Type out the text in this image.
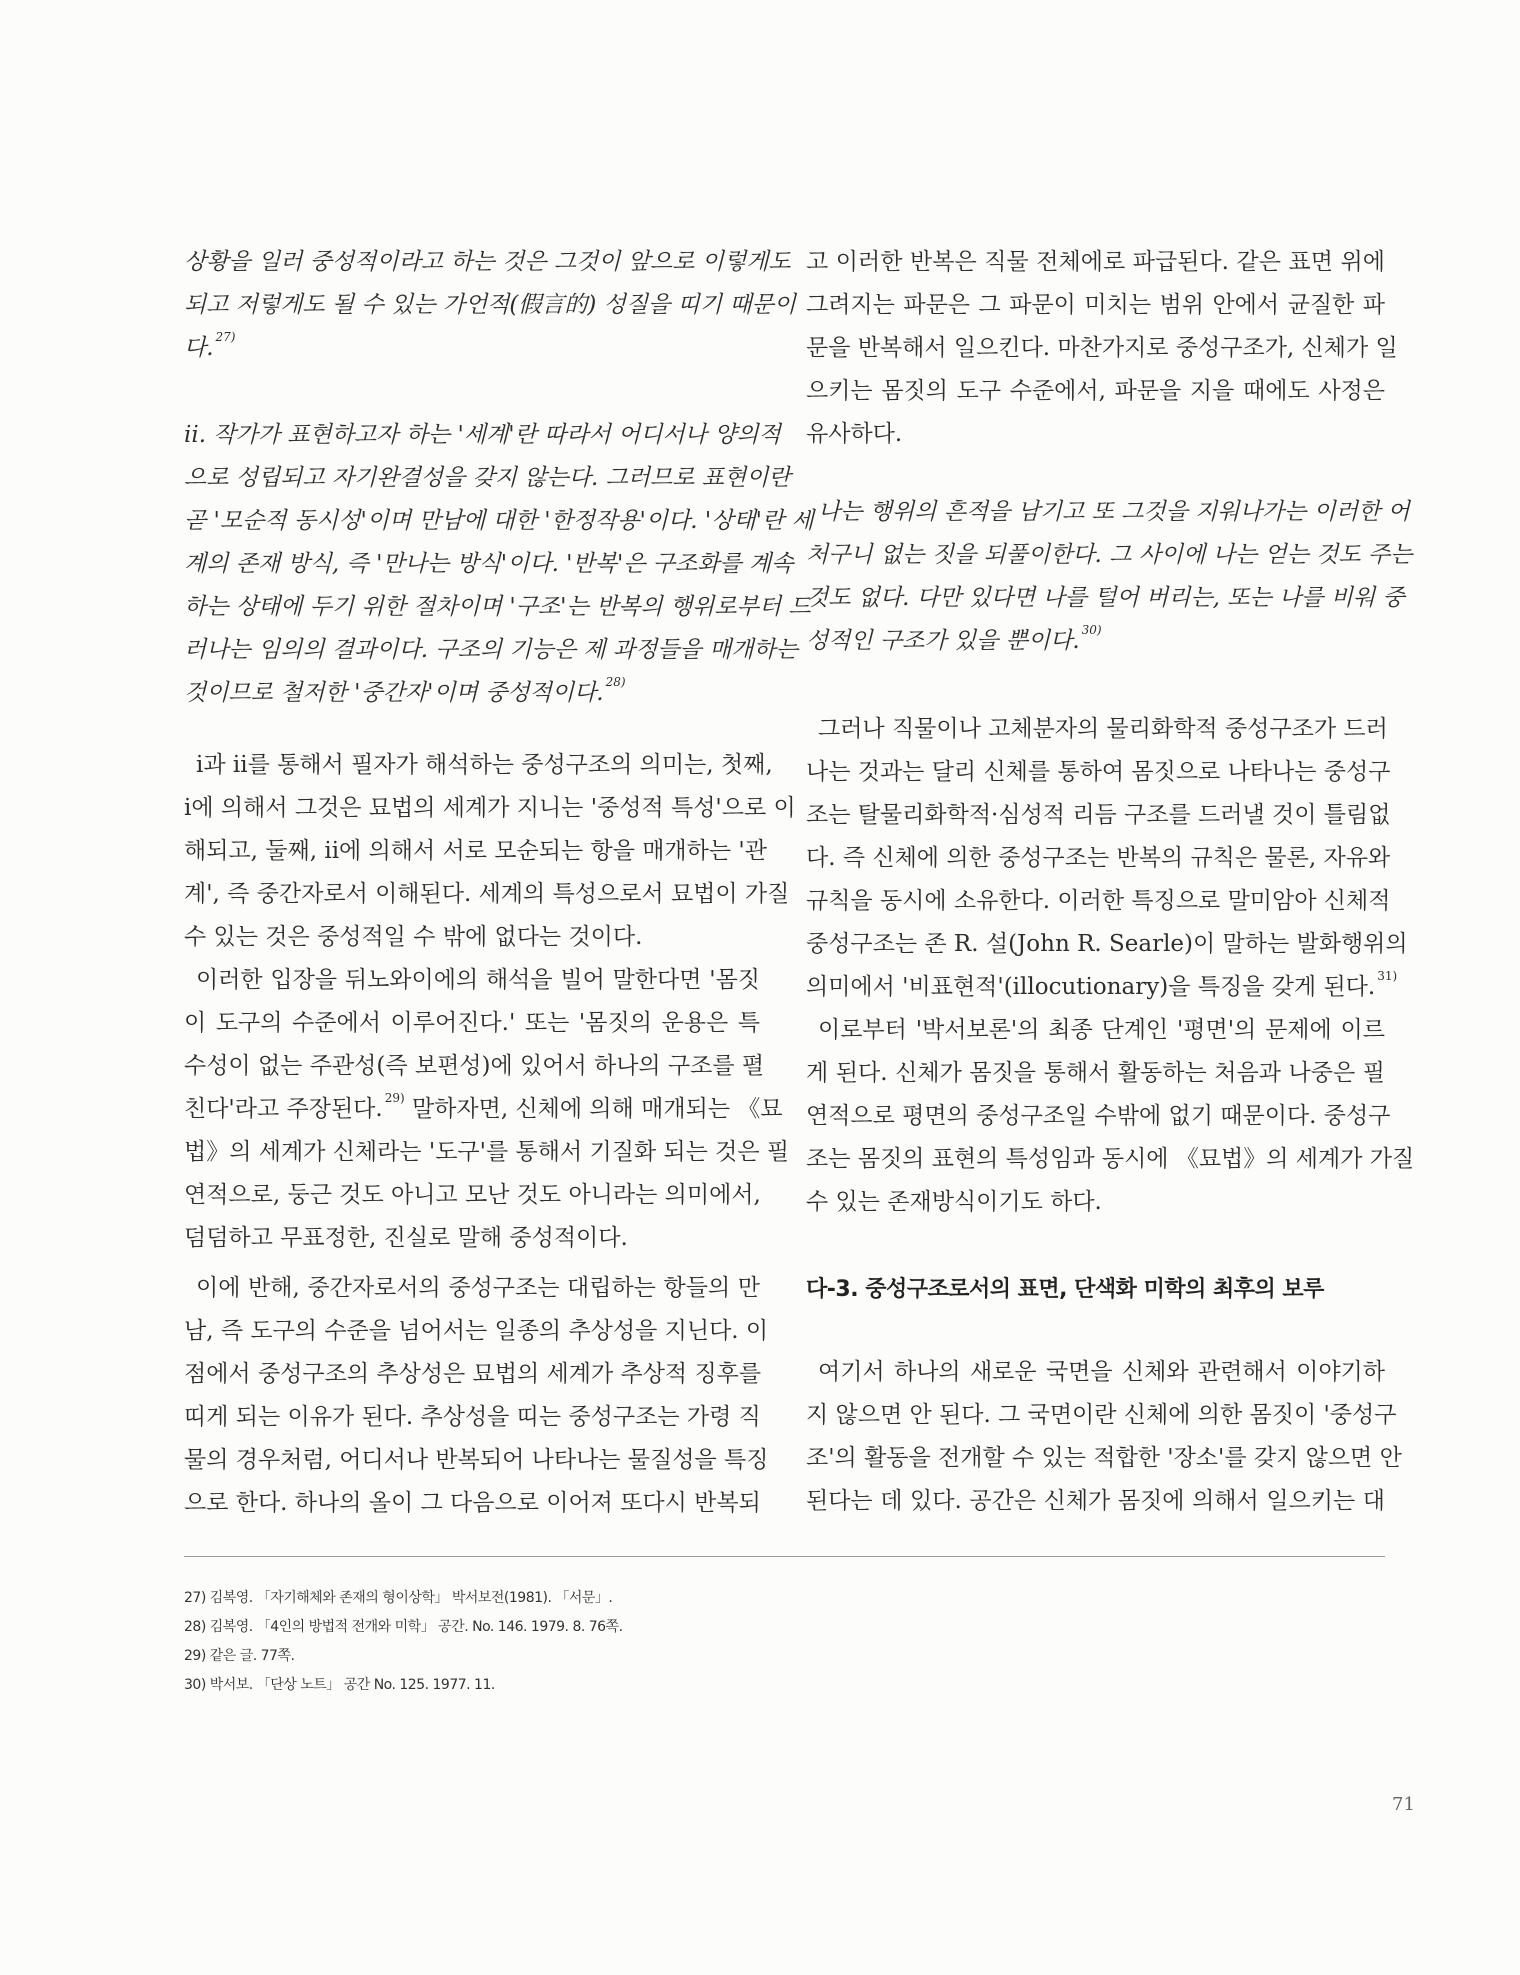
상황을 일러 중성적이라고 하는 것은 그것이 앞으로 이렇게도
되고 저렇게도 될 수 있는 가언적(假言的) 성질을 띠기 때문이
다. $^{27)}$
ii. 작가가 표현하고자 하는 '세계'란 따라서 어디서나 양의적
으로 성립되고 자기완결성을 갖지 않는다. 그러므로 표현이란
곧 '모순적 동시성'이며 만남에 대한 '한정작용'이다. '상태'란 세
계의 존재 방식, 즉 '만나는 방식'이다. '반복'은 구조화를 계속
하는 상태에 두기 위한 절차이며 '구조'는 반복의 행위로부터 드
러나는 임의의 결과이다. 구조의 기능은 제 과정들을 매개하는
것이므로 철저한 '중간자'이며 중성적이다. $^{28)}$
i과 ii를 통해서 필자가 해석하는 중성구조의 의미는, 첫째,
i에 의해서 그것은 묘법의 세계가 지니는 '중성적 특성'으로 이
해되고, 둘째, ii에 의해서 서로 모순되는 항을 매개하는 '관
계', 즉 중간자로서 이해된다. 세계의 특성으로서 묘법이 가질
수 있는 것은 중성적일 수 밖에 없다는 것이다.
이러한 입장을 뒤노와이에의 해석을 빌어 말한다면 '몸짓
이 도구의 수준에서 이루어진다.' 또는 '몸짓의 운용은 특
수성이 없는 주관성(즉 보편성)에 있어서 하나의 구조를 펼
친다'라고 주장된다. $^{29)}$ 말하자면, 신체에 의해 매개되는 《묘
법》의 세계가 신체라는 '도구'를 통해서 기질화 되는 것은 필
연적으로, 둥근 것도 아니고 모난 것도 아니라는 의미에서,
덤덤하고 무표정한, 진실로 말해 중성적이다.
이에 반해, 중간자로서의 중성구조는 대립하는 항들의 만
남, 즉 도구의 수준을 넘어서는 일종의 추상성을 지닌다. 이
점에서 중성구조의 추상성은 묘법의 세계가 추상적 징후를
띠게 되는 이유가 된다. 추상성을 띠는 중성구조는 가령 직
물의 경우처럼, 어디서나 반복되어 나타나는 물질성을 특징
으로 한다. 하나의 올이 그 다음으로 이어져 또다시 반복되
고 이러한 반복은 직물 전체에로 파급된다. 같은 표면 위에
그려지는 파문은 그 파문이 미치는 범위 안에서 균질한 파
문을 반복해서 일으킨다. 마찬가지로 중성구조가, 신체가 일
으키는 몸짓의 도구 수준에서, 파문을 지을 때에도 사정은
유사하다.
나는 행위의 흔적을 남기고 또 그것을 지워나가는 이러한 어
처구니 없는 짓을 되풀이한다. 그 사이에 나는 얻는 것도 주는
것도 없다. 다만 있다면 나를 털어 버리는, 또는 나를 비워 중
성적인 구조가 있을 뿐이다. $^{30)}$
그러나 직물이나 고체분자의 물리화학적 중성구조가 드러
나는 것과는 달리 신체를 통하여 몸짓으로 나타나는 중성구
조는 탈물리화학적·심성적 리듬 구조를 드러낼 것이 틀림없
다. 즉 신체에 의한 중성구조는 반복의 규칙은 물론, 자유와
규칙을 동시에 소유한다. 이러한 특징으로 말미암아 신체적
중성구조는 존 R. 설(John R. Searle)이 말하는 발화행위의
의미에서 '비표현적'(illocutionary)을 특징을 갖게 된다. $^{31)}$
이로부터 '박서보론'의 최종 단계인 '평면'의 문제에 이르
게 된다. 신체가 몸짓을 통해서 활동하는 처음과 나중은 필
연적으로 평면의 중성구조일 수밖에 없기 때문이다. 중성구
조는 몸짓의 표현의 특성임과 동시에 《묘법》의 세계가 가질
수 있는 존재방식이기도 하다.
다-3. 중성구조로서의 표면, 단색화 미학의 최후의 보루
여기서 하나의 새로운 국면을 신체와 관련해서 이야기하
지 않으면 안 된다. 그 국면이란 신체에 의한 몸짓이 '중성구
조'의 활동을 전개할 수 있는 적합한 '장소'를 갖지 않으면 안
된다는 데 있다. 공간은 신체가 몸짓에 의해서 일으키는 대
27) 김복영. 「자기해체와 존재의 형이상학」 박서보전(1981). 「서문」.
28) 김복영. 「4인의 방법적 전개와 미학」 공간. No. 146. 1979. 8. 76쪽.
29) 같은 글. 77쪽.
30) 박서보. 「단상 노트」 공간 No. 125. 1977. 11.
71
